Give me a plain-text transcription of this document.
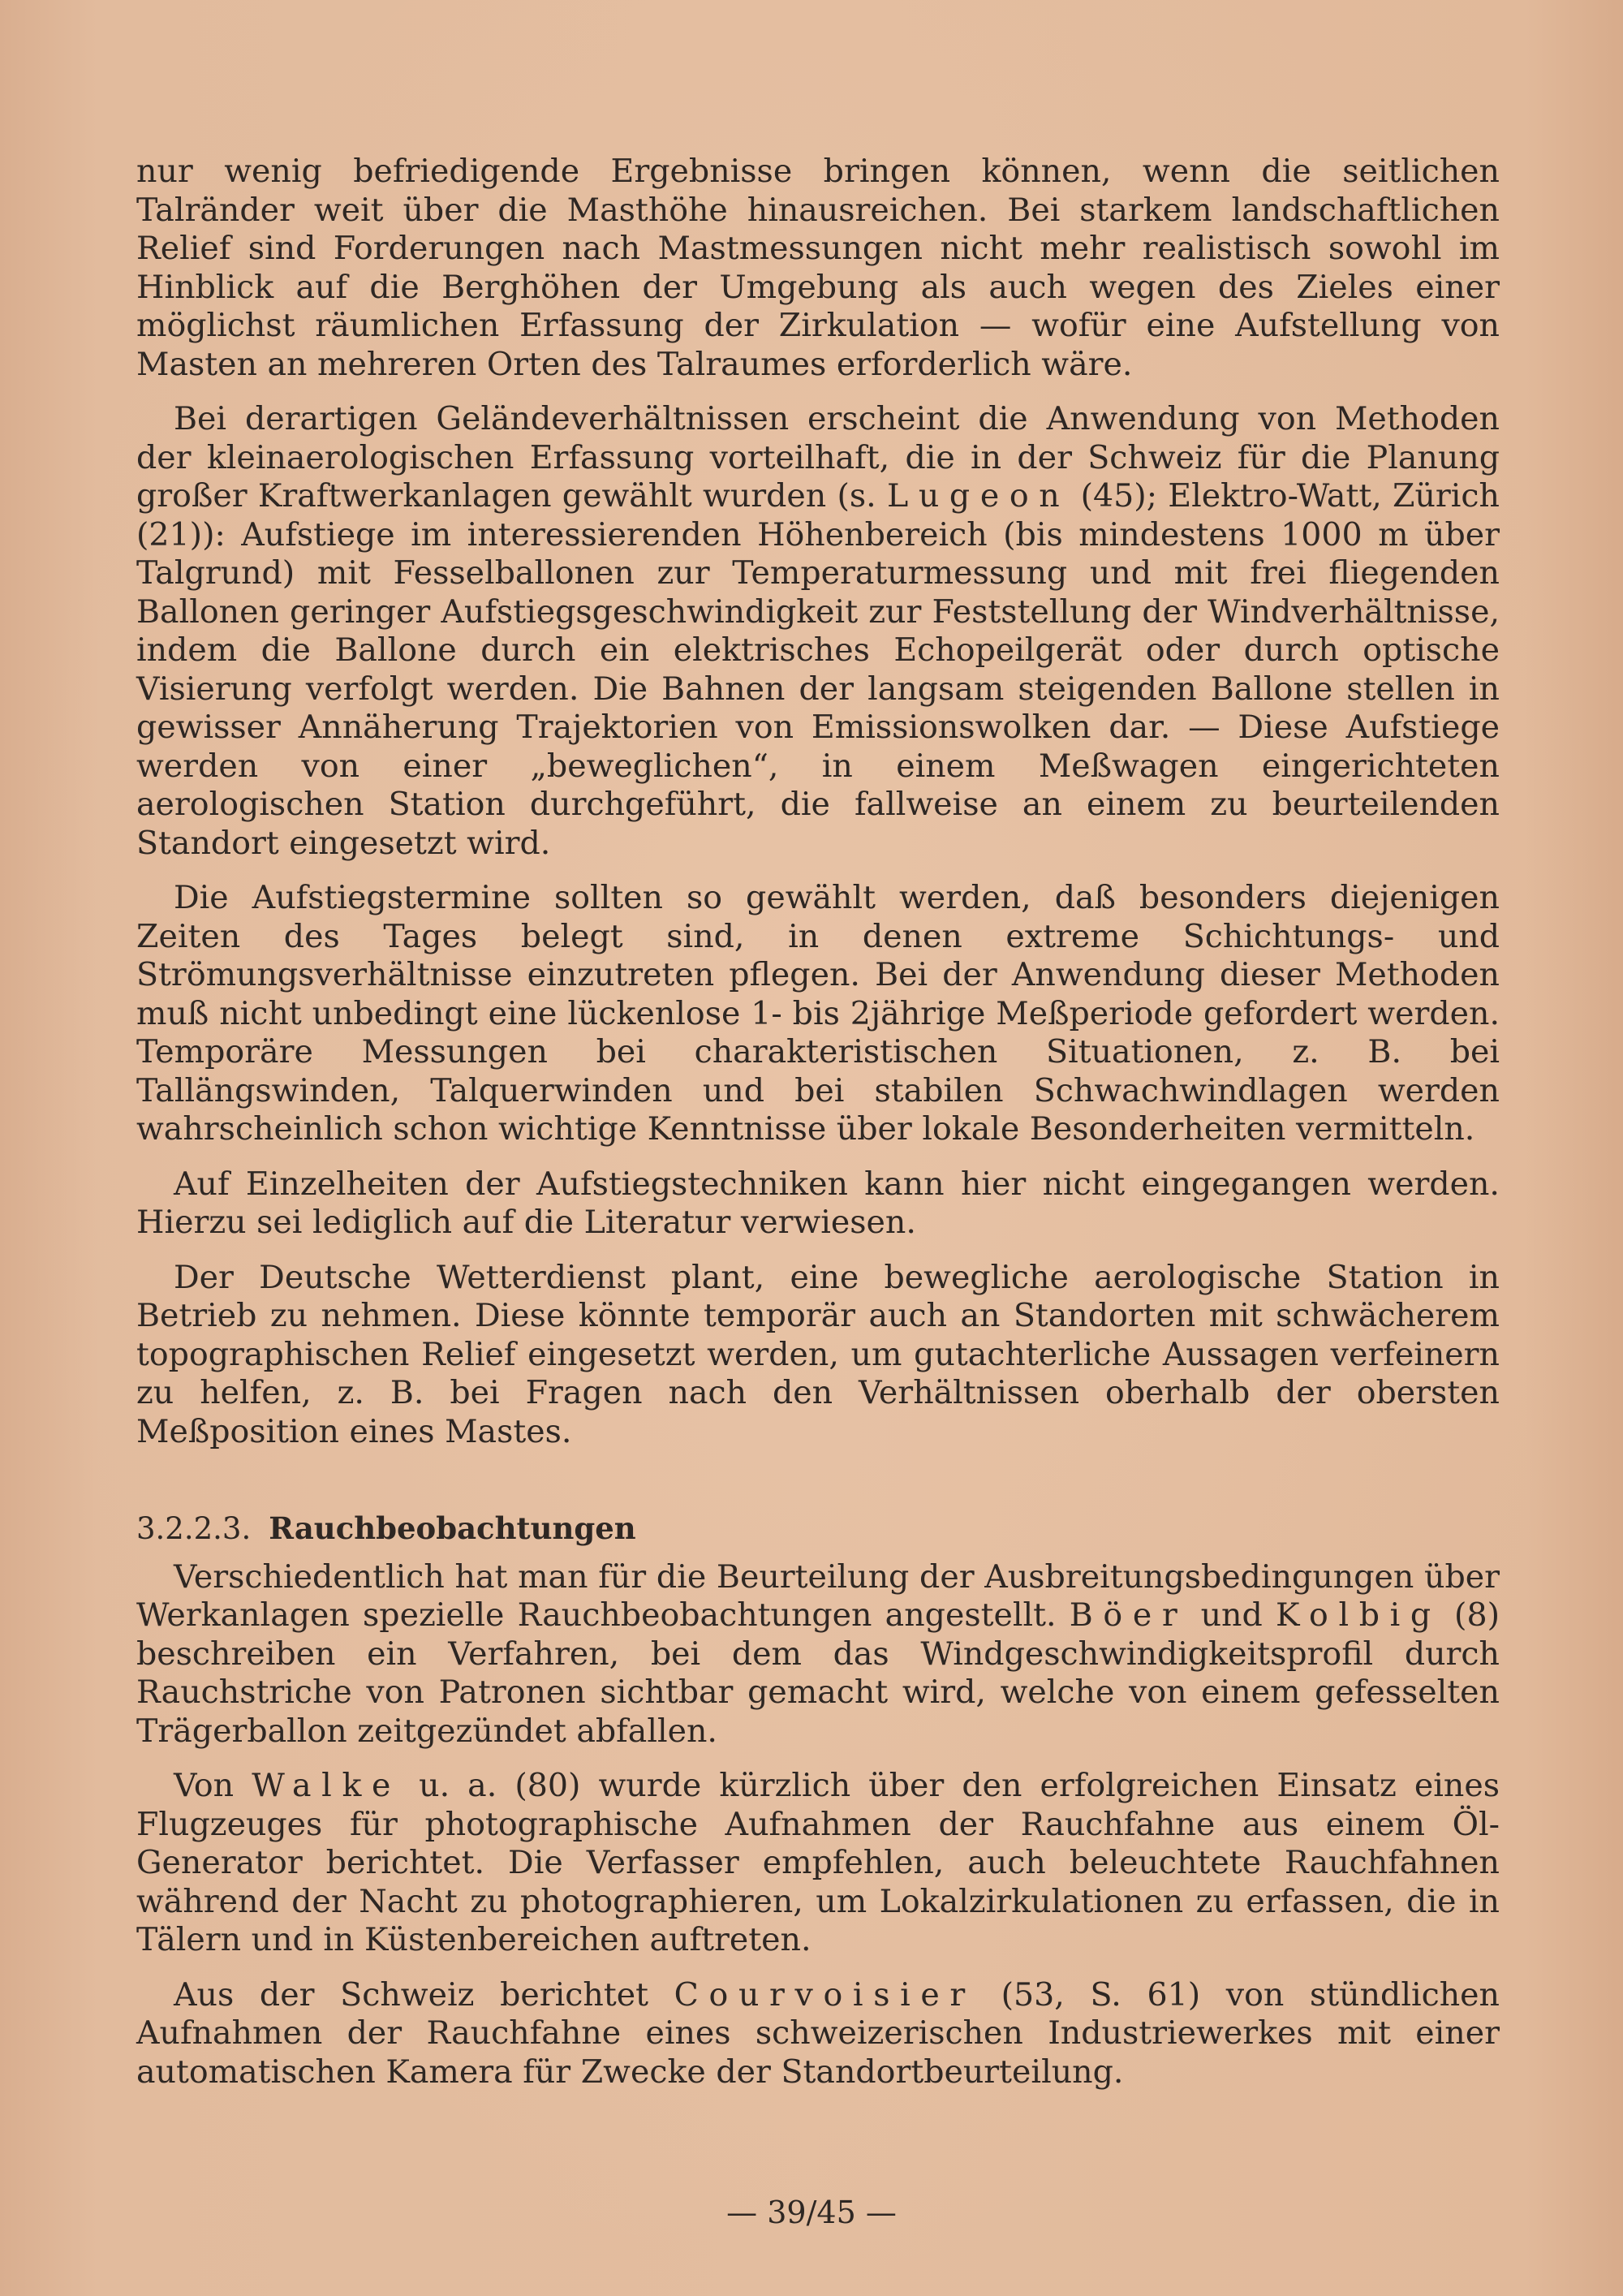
nur wenig befriedigende Ergebnisse bringen können, wenn die seitlichen Talränder weit über die Masthöhe hinausreichen. Bei starkem landschaftlichen Relief sind Forderungen nach Mastmessungen nicht mehr realistisch sowohl im Hinblick auf die Berghöhen der Umgebung als auch wegen des Zieles einer möglichst räumlichen Erfassung der Zirkulation — wofür eine Aufstellung von Masten an mehreren Orten des Talraumes erforderlich wäre.

Bei derartigen Geländeverhältnissen erscheint die Anwendung von Methoden der kleinaerologischen Erfassung vorteilhaft, die in der Schweiz für die Planung großer Kraftwerkanlagen gewählt wurden (s. Lugeon (45); Elektro-Watt, Zürich (21)): Aufstiege im interessierenden Höhenbereich (bis mindestens 1000 m über Talgrund) mit Fesselballonen zur Temperaturmessung und mit frei fliegenden Ballonen geringer Aufstiegsgeschwindigkeit zur Feststellung der Windverhältnisse, indem die Ballone durch ein elektrisches Echopeilgerät oder durch optische Visierung verfolgt werden. Die Bahnen der langsam steigenden Ballone stellen in gewisser Annäherung Trajektorien von Emissionswolken dar. — Diese Aufstiege werden von einer „beweglichen“, in einem Meßwagen eingerichteten aerologischen Station durchgeführt, die fallweise an einem zu beurteilenden Standort eingesetzt wird.

Die Aufstiegstermine sollten so gewählt werden, daß besonders diejenigen Zeiten des Tages belegt sind, in denen extreme Schichtungs- und Strömungsverhältnisse einzutreten pflegen. Bei der Anwendung dieser Methoden muß nicht unbedingt eine lückenlose 1- bis 2jährige Meßperiode gefordert werden. Temporäre Messungen bei charakteristischen Situationen, z. B. bei Tallängswinden, Talquerwinden und bei stabilen Schwachwindlagen werden wahrscheinlich schon wichtige Kenntnisse über lokale Besonderheiten vermitteln.

Auf Einzelheiten der Aufstiegstechniken kann hier nicht eingegangen werden. Hierzu sei lediglich auf die Literatur verwiesen.

Der Deutsche Wetterdienst plant, eine bewegliche aerologische Station in Betrieb zu nehmen. Diese könnte temporär auch an Standorten mit schwächerem topographischen Relief eingesetzt werden, um gutachterliche Aussagen verfeinern zu helfen, z. B. bei Fragen nach den Verhältnissen oberhalb der obersten Meßposition eines Mastes.

3.2.2.3. Rauchbeobachtungen

Verschiedentlich hat man für die Beurteilung der Ausbreitungsbedingungen über Werkanlagen spezielle Rauchbeobachtungen angestellt. Böer und Kolbig (8) beschreiben ein Verfahren, bei dem das Windgeschwindigkeitsprofil durch Rauchstriche von Patronen sichtbar gemacht wird, welche von einem gefesselten Trägerballon zeitgezündet abfallen.

Von Walke u. a. (80) wurde kürzlich über den erfolgreichen Einsatz eines Flugzeuges für photographische Aufnahmen der Rauchfahne aus einem Öl-Generator berichtet. Die Verfasser empfehlen, auch beleuchtete Rauchfahnen während der Nacht zu photographieren, um Lokalzirkulationen zu erfassen, die in Tälern und in Küstenbereichen auftreten.

Aus der Schweiz berichtet Courvoisier (53, S. 61) von stündlichen Aufnahmen der Rauchfahne eines schweizerischen Industriewerkes mit einer automatischen Kamera für Zwecke der Standortbeurteilung.

— 39/45 —
